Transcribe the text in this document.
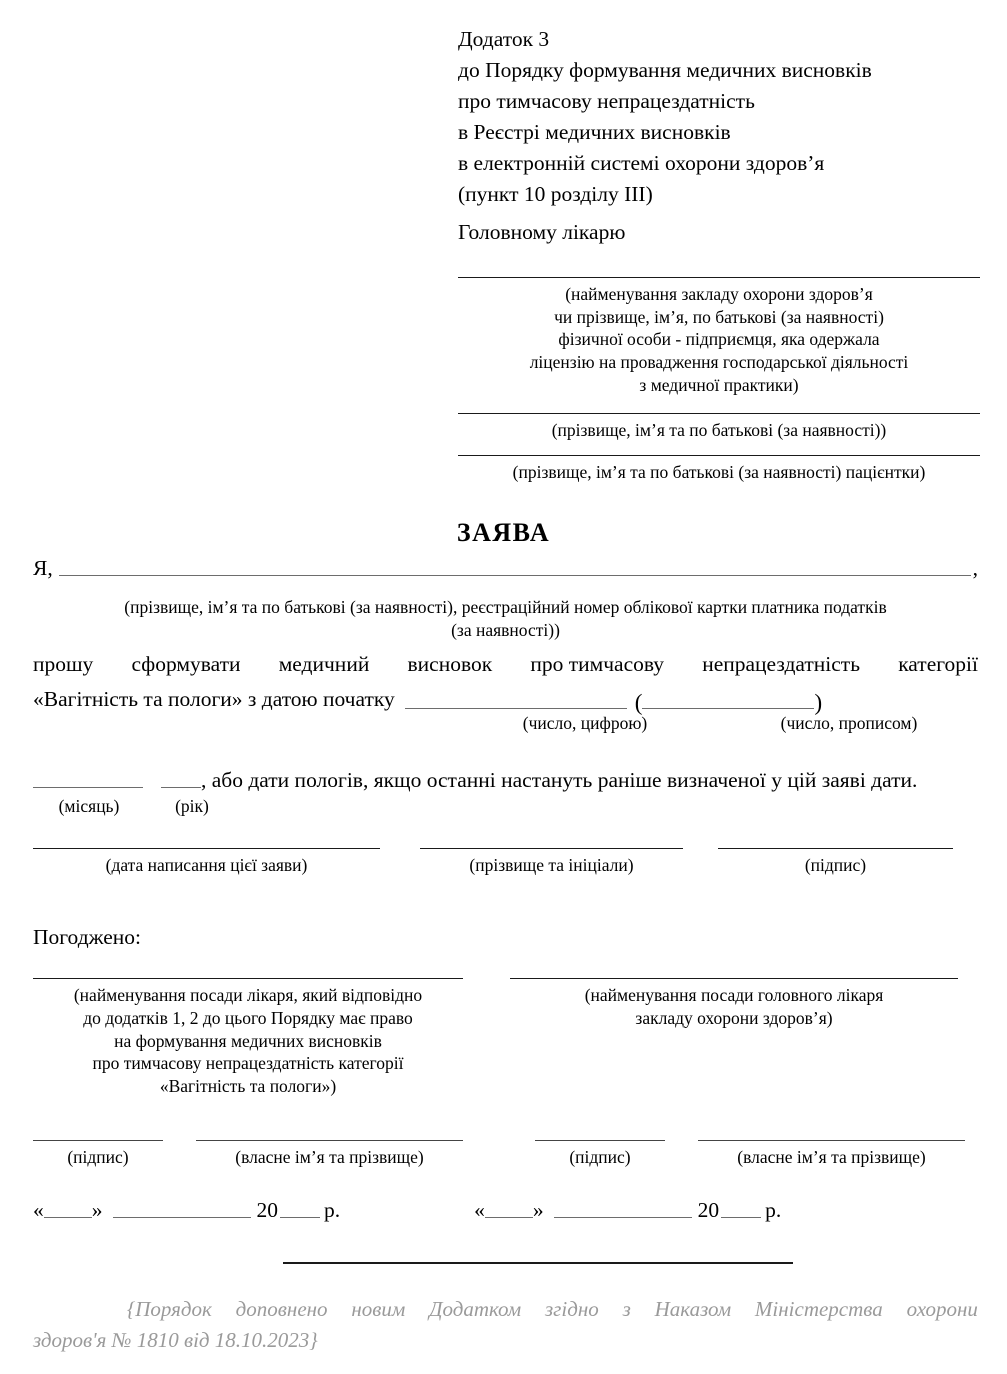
Додаток 3
до Порядку формування медичних висновків
про тимчасову непрацездатність
в Реєстрі медичних висновків
в електронній системі охорони здоров’я
(пункт 10 розділу III)
Головному лікарю
(найменування закладу охорони здоров’я
чи прізвище, ім’я, по батькові (за наявності)
фізичної особи - підприємця, яка одержала
ліцензію на провадження господарської діяльності
з медичної практики)
(прізвище, ім’я та по батькові (за наявності))
(прізвище, ім’я та по батькові (за наявності) пацієнтки)
ЗАЯВА
Я,	,
(прізвище, ім’я та по батькові (за наявності), реєстраційний номер облікової картки платника податків
(за наявності))
прошу сформувати медичний висновок про тимчасову непрацездатність категорії
«Вагітність та пологи» з датою початку	(	)
(число, цифрою)	(число, прописом)
, або дати пологів, якщо останні настануть раніше визначеної у цій заяві дати.
(місяць)	(рік)
(дата написання цієї заяви)	(прізвище та ініціали)	(підпис)
Погоджено:
(найменування посади лікаря, який відповідно
до додатків 1, 2 до цього Порядку має право
на формування медичних висновків
про тимчасову непрацездатність категорії
«Вагітність та пологи»)
(найменування посади головного лікаря
закладу охорони здоров’я)
(підпис)	(власне ім’я та прізвище)	(підпис)	(власне ім’я та прізвище)
« »	20 р.	« »	20 р.
{Порядок доповнено новим Додатком згідно з Наказом Міністерства охорони
здоров'я № 1810 від 18.10.2023}
